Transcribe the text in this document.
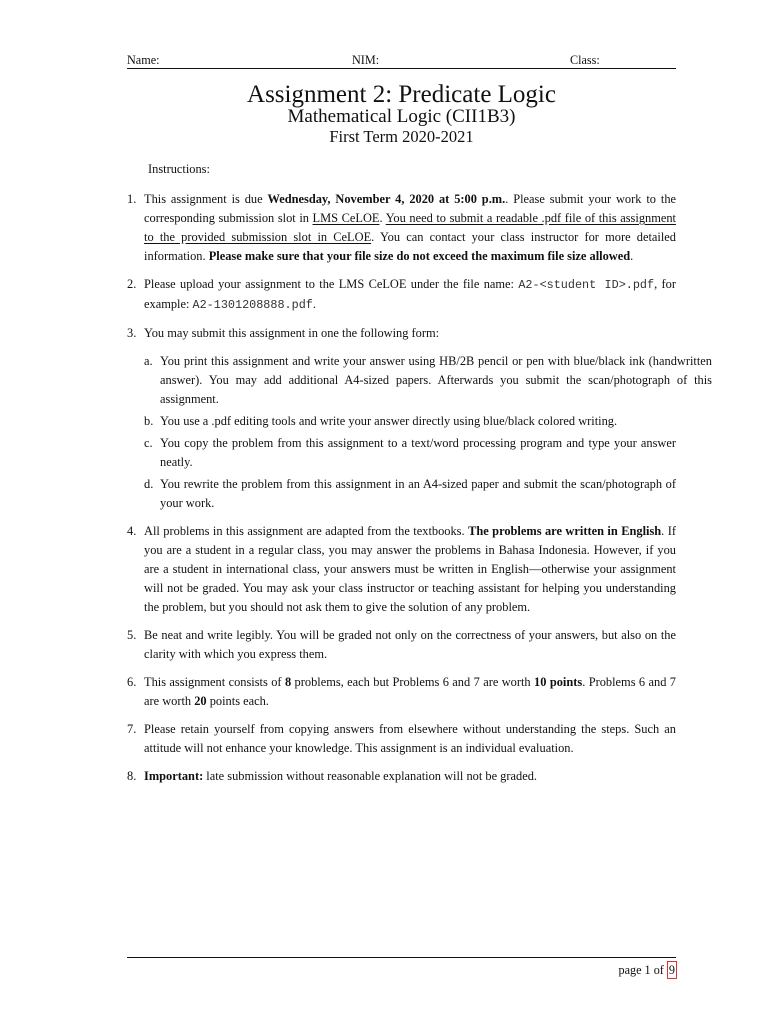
Name:	NIM:	Class:
Assignment 2: Predicate Logic
Mathematical Logic (CII1B3)
First Term 2020-2021
Instructions:
1. This assignment is due Wednesday, November 4, 2020 at 5:00 p.m.. Please submit your work to the corresponding submission slot in LMS CeLOE. You need to submit a readable .pdf file of this assignment to the provided submission slot in CeLOE. You can contact your class instructor for more detailed information. Please make sure that your file size do not exceed the maximum file size allowed.
2. Please upload your assignment to the LMS CeLOE under the file name: A2-<student ID>.pdf, for example: A2-1301208888.pdf.
3. You may submit this assignment in one the following form:
a. You print this assignment and write your answer using HB/2B pencil or pen with blue/black ink (handwritten answer). You may add additional A4-sized papers. Afterwards you submit the scan/photograph of this assignment.
b. You use a .pdf editing tools and write your answer directly using blue/black colored writing.
c. You copy the problem from this assignment to a text/word processing program and type your answer neatly.
d. You rewrite the problem from this assignment in an A4-sized paper and submit the scan/photograph of your work.
4. All problems in this assignment are adapted from the textbooks. The problems are written in English. If you are a student in a regular class, you may answer the problems in Bahasa Indonesia. However, if you are a student in international class, your answers must be written in English—otherwise your assignment will not be graded. You may ask your class instructor or teaching assistant for helping you understanding the problem, but you should not ask them to give the solution of any problem.
5. Be neat and write legibly. You will be graded not only on the correctness of your answers, but also on the clarity with which you express them.
6. This assignment consists of 8 problems, each but Problems 6 and 7 are worth 10 points. Problems 6 and 7 are worth 20 points each.
7. Please retain yourself from copying answers from elsewhere without understanding the steps. Such an attitude will not enhance your knowledge. This assignment is an individual evaluation.
8. Important: late submission without reasonable explanation will not be graded.
page 1 of 9
